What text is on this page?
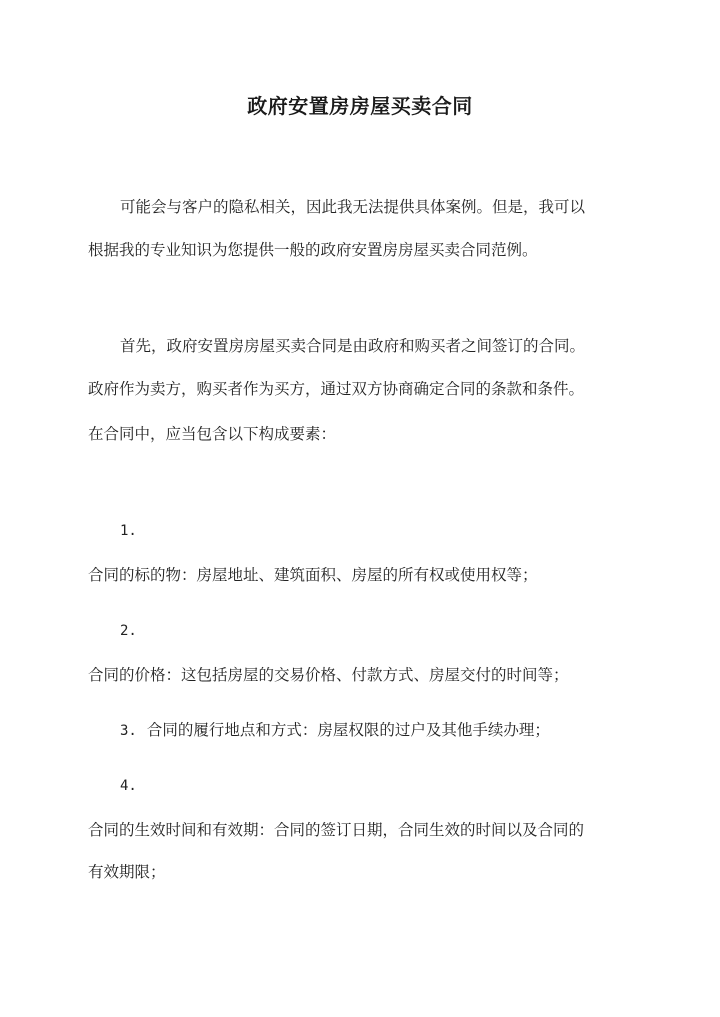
政府安置房房屋买卖合同
可能会与客户的隐私相关，因此我无法提供具体案例。但是，我可以
根据我的专业知识为您提供一般的政府安置房房屋买卖合同范例。
首先，政府安置房房屋买卖合同是由政府和购买者之间签订的合同。
政府作为卖方，购买者作为买方，通过双方协商确定合同的条款和条件。
在合同中，应当包含以下构成要素：
1.
合同的标的物：房屋地址、建筑面积、房屋的所有权或使用权等；
2.
合同的价格：这包括房屋的交易价格、付款方式、房屋交付的时间等；
3. 合同的履行地点和方式：房屋权限的过户及其他手续办理；
4.
合同的生效时间和有效期：合同的签订日期，合同生效的时间以及合同的
有效期限；
